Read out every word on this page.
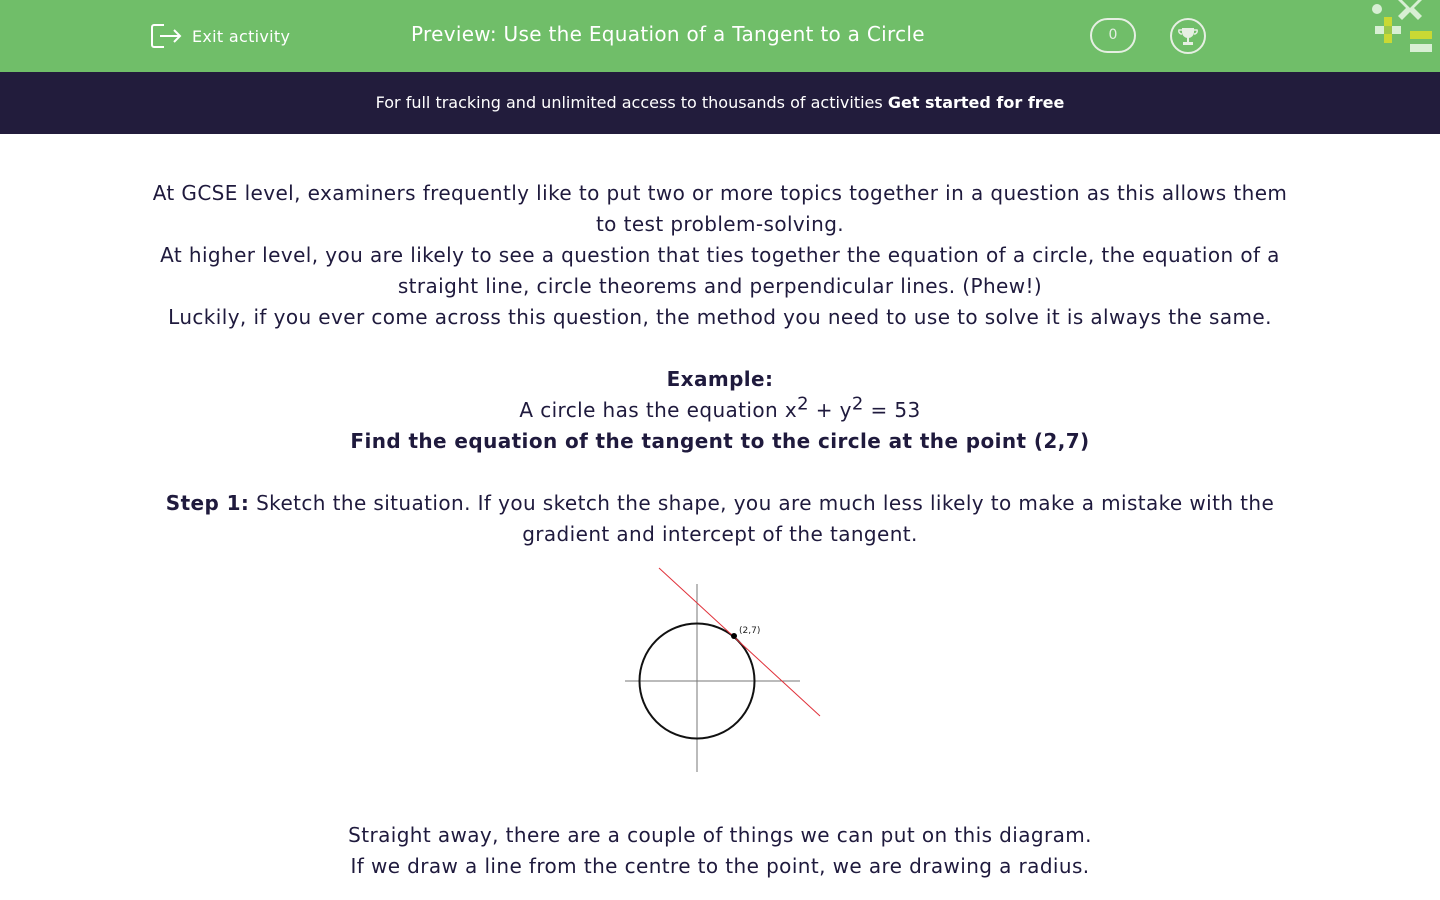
Exit activity	Preview: Use the Equation of a Tangent to a Circle	0
For full tracking and unlimited access to thousands of activities Get started for free

At GCSE level, examiners frequently like to put two or more topics together in a question as this allows them to test problem-solving.

At higher level, you are likely to see a question that ties together the equation of a circle, the equation of a straight line, circle theorems and perpendicular lines. (Phew!)

Luckily, if you ever come across this question, the method you need to use to solve it is always the same.

Example:

A circle has the equation $x^2 + y^2 = 53$

Find the equation of the tangent to the circle at the point (2,7)

Step 1: Sketch the situation. If you sketch the shape, you are much less likely to make a mistake with the gradient and intercept of the tangent.

(2,7)

Straight away, there are a couple of things we can put on this diagram.

If we draw a line from the centre to the point, we are drawing a radius.
